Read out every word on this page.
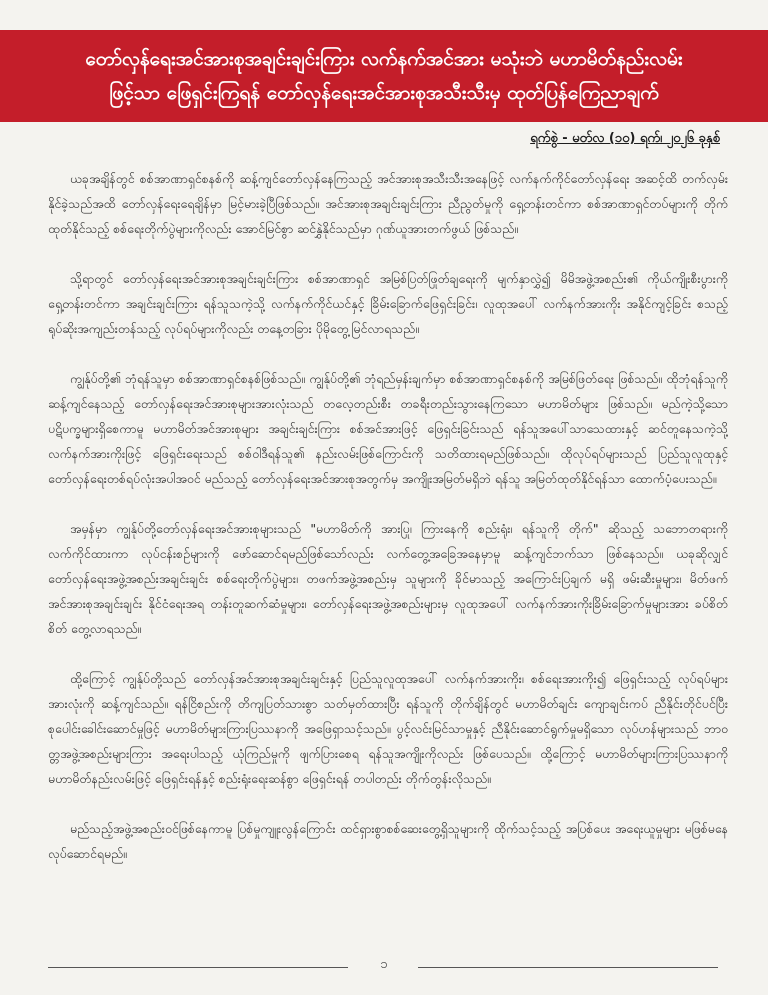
တော်လှန်ရေးအင်အားစုအချင်းချင်းကြား လက်နက်အင်အား မသုံးဘဲ မဟာမိတ်နည်းလမ်း
ဖြင့်သာ ဖြေရှင်းကြရန် တော်လှန်ရေးအင်အားစုအသီးသီးမှ ထုတ်ပြန်ကြေညာချက်
ရက်စွဲ - မတ်လ (၁၀) ရက်၊ ၂၀၂၆ ခုနှစ်

ယခုအချိန်တွင် စစ်အာဏာရှင်စနစ်ကို ဆန့်ကျင်တော်လှန်နေကြသည့် အင်အားစုအသီးသီးအနေဖြင့် လက်နက်ကိုင်တော်လှန်ရေး အဆင့်ထိ တက်လှမ်းနိုင်ခဲ့သည်အထိ တော်လှန်ရေးရေချိန်မှာ မြင့်မားခဲ့ပြီဖြစ်သည်။ အင်အားစုအချင်းချင်းကြား ညီညွတ်မှုကို ရှေ့တန်းတင်ကာ စစ်အာဏာရှင်တပ်များကို တိုက်ထုတ်နိုင်သည့် စစ်ရေးတိုက်ပွဲများကိုလည်း အောင်မြင်စွာ ဆင်နွှဲနိုင်သည်မှာ ဂုဏ်ယူအားတက်ဖွယ် ဖြစ်သည်။

သို့ရာတွင် တော်လှန်ရေးအင်အားစုအချင်းချင်းကြား စစ်အာဏာရှင် အမြစ်ပြတ်ဖြုတ်ချရေးကို မျက်နှာလွှဲ၍ မိမိအဖွဲ့အစည်း၏ ကိုယ်ကျိုးစီးပွားကို ရှေ့တန်းတင်ကာ အချင်းချင်းကြား ရန်သူသကဲ့သို့ လက်နက်ကိုင်ယင်နှင့် ခြိမ်းခြောက်ဖြေရှင်းခြင်း၊ လူထုအပေါ် လက်နက်အားကိုး အနိုင်ကျင့်ခြင်း စသည့် ရုပ်ဆိုးအကျည်းတန်သည့် လုပ်ရပ်များကိုလည်း တနေ့တခြား ပိုမိုတွေ့မြင်လာရသည်။

ကျွန်ုပ်တို့၏ ဘုံရန်သူမှာ စစ်အာဏာရှင်စနစ်ဖြစ်သည်။ ကျွန်ုပ်တို့၏ ဘုံရည်မှန်းချက်မှာ စစ်အာဏာရှင်စနစ်ကို အမြစ်ဖြတ်ရေး ဖြစ်သည်။ ထိုဘုံရန်သူကို ဆန့်ကျင်နေသည့် တော်လှန်ရေးအင်အားစုများအားလုံးသည် တလေ့တည်းစီး တခရီးတည်းသွားနေကြသော မဟာမိတ်များ ဖြစ်သည်။ မည်ကဲ့သို့သော ပဋိပက္ခများရှိစေကာမူ မဟာမိတ်အင်အားစုများ အချင်းချင်းကြား စစ်အင်အားဖြင့် ဖြေရှင်းခြင်းသည် ရန်သူအပေါ်သာသေထားနှင့် ဆင်တူနေသကဲ့သို့ လက်နက်အားကိုးဖြင့် ဖြေရှင်းရေးသည် စစ်ဝါဒီရန်သူ၏ နည်းလမ်းဖြစ်ကြောင်းကို သတိထားရမည်ဖြစ်သည်။ ထိုလုပ်ရပ်များသည် ပြည်သူလူထုနှင့် တော်လှန်ရေးတစ်ရပ်လုံးအပါအဝင် မည်သည့် တော်လှန်ရေးအင်အားစုအတွက်မှ အကျိုးအမြတ်မရှိဘဲ ရန်သူ အမြတ်ထုတ်နိုင်ရန်သာ ထောက်ပံ့ပေးသည်။

အမှန်မှာ ကျွန်ုပ်တို့တော်လှန်ရေးအင်အားစုများသည် "မဟာမိတ်ကို အားပြု၊ ကြားနေကို စည်းရုံး၊ ရန်သူကို တိုက်" ဆိုသည့် သဘောတရားကို လက်ကိုင်ထားကာ လုပ်ငန်းစဉ်များကို ဖော်ဆောင်ရမည်ဖြစ်သော်လည်း လက်တွေ့အခြေအနေမှာမူ ဆန့်ကျင်ဘက်သာ ဖြစ်နေသည်။ ယခုဆိုလျှင် တော်လှန်ရေးအဖွဲ့အစည်းအချင်းချင်း စစ်ရေးတိုက်ပွဲများ၊ တဖက်အဖွဲ့အစည်းမှ သူများကို ခိုင်မာသည့် အကြောင်းပြချက် မရှိ ဖမ်းဆီးမှုများ၊ မိတ်ဖက်အင်အားစုအချင်းချင်း နိုင်ငံရေးအရ တန်းတူဆက်ဆံမှုများ၊ တော်လှန်ရေးအဖွဲ့အစည်းများမှ လူထုအပေါ် လက်နက်အားကိုးခြိမ်းခြောက်မှုများအား ခပ်စိတ်စိတ် တွေ့လာရသည်။

ထို့ကြောင့် ကျွန်ုပ်တို့သည် တော်လှန်အင်အားစုအချင်းချင်းနှင့် ပြည်သူလူထုအပေါ် လက်နက်အားကိုး၊ စစ်ရေးအားကိုး၍ ဖြေရှင်းသည့် လုပ်ရပ်များအားလုံးကို ဆန့်ကျင်သည်။ ရန်ငြိစည်းကို တိကျပြတ်သားစွာ သတ်မှတ်ထားပြီး ရန်သူကို တိုက်ချိန်တွင် မဟာမိတ်ချင်း ကျောချင်းကပ် ညီနိုင်းတိုင်ပင်ပြီး စုပေါင်းခေါင်းဆောင်မှုဖြင့် မဟာမိတ်များကြားပြဿနာကို အဖြေရှာသင့်သည်။ ပွင့်လင်းမြင်သာမှုနှင့် ညီနိုင်းဆောင်ရွက်မှုမရှိသော လုပ်ဟန်များသည် ဘာဝတ္တအဖွဲ့အစည်းများကြား အရေးပါသည့် ယုံကြည်မှုကို ဖျက်ပြားစေရ ရန်သူအကျိုးကိုလည်း ဖြစ်ပေသည်။ ထို့ကြောင့် မဟာမိတ်များကြားပြဿနာကို မဟာမိတ်နည်းလမ်းဖြင့် ဖြေရှင်းရန်နှင့် စည်းရုံးရေးဆန်စွာ ဖြေရှင်းရန် တပါတည်း တိုက်တွန်းလိုသည်။

မည်သည့်အဖွဲ့အစည်းဝင်ဖြစ်နေကာမူ ပြစ်မှုကျူးလွန်ကြောင်း ထင်ရှားစွာစစ်ဆေးတွေ့ရှိသူများကို ထိုက်သင့်သည့် အပြစ်ပေး အရေးယူမှုများ မဖြစ်မနေလုပ်ဆောင်ရမည်။

၁
